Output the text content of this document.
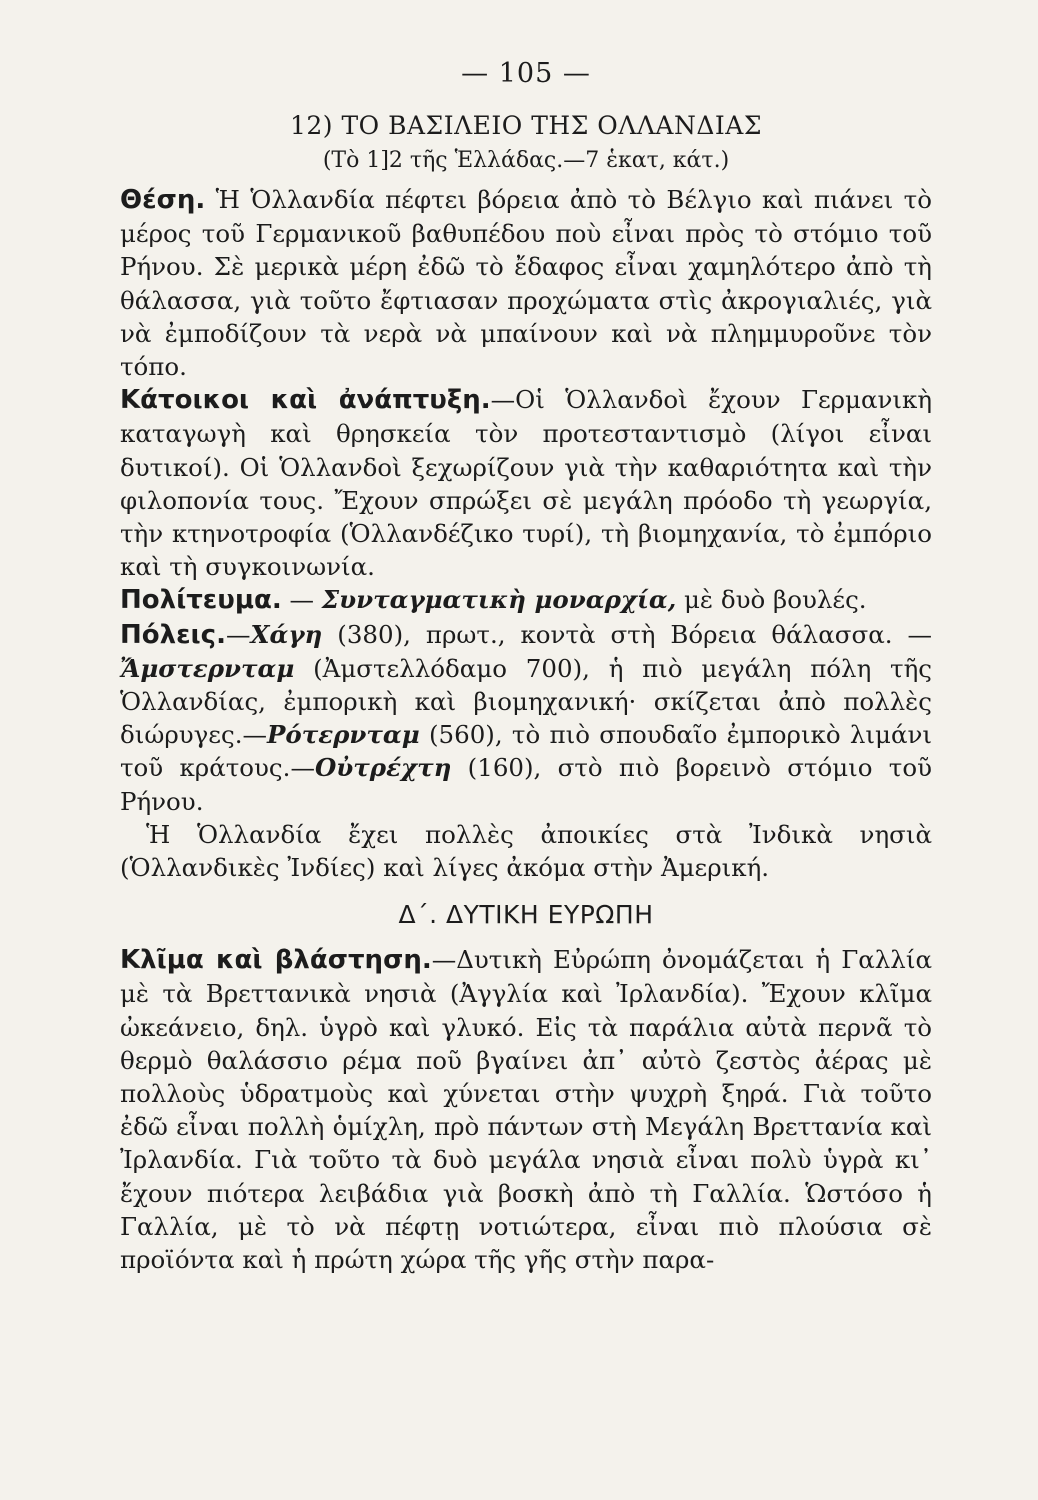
— 105 —
12) ΤΟ ΒΑΣΙΛΕΙΟ ΤΗΣ ΟΛΛΑΝΔΙΑΣ
(Τὸ 1]2 τῆς Ἑλλάδας.—7 ἑκατ, κάτ.)

Θέση. Ἡ Ὁλλανδία πέφτει βόρεια ἀπὸ τὸ Βέλγιο καὶ πιάνει τὸ μέρος τοῦ Γερμανικοῦ βαθυπέδου ποὺ εἶναι πρὸς τὸ στόμιο τοῦ Ρήνου. Σὲ μερικὰ μέρη ἐδῶ τὸ ἔδαφος εἶναι χαμηλότερο ἀπὸ τὴ θάλασσα, γιὰ τοῦτο ἔφτιασαν προχώματα στὶς ἀκρογιαλιές, γιὰ νὰ ἐμποδίζουν τὰ νερὰ νὰ μπαίνουν καὶ νὰ πλημμυροῦνε τὸν τόπο.

Κάτοικοι καὶ ἀνάπτυξη.—Οἱ Ὁλλανδοὶ ἔχουν Γερμανικὴ καταγωγὴ καὶ θρησκεία τὸν προτεσταντισμὸ (λίγοι εἶναι δυτικοί). Οἱ Ὁλλανδοὶ ξεχωρίζουν γιὰ τὴν καθαριότητα καὶ τὴν φιλοπονία τους. Ἔχουν σπρώξει σὲ μεγάλη πρόοδο τὴ γεωργία, τὴν κτηνοτροφία (Ὁλλανδέζικο τυρί), τὴ βιομηχανία, τὸ ἐμπόριο καὶ τὴ συγκοινωνία.

Πολίτευμα. — Συνταγματικὴ μοναρχία, μὲ δυὸ βουλές.

Πόλεις.—Χάγη (380), πρωτ., κοντὰ στὴ Βόρεια θάλασσα. —Ἄμστερνταμ (Ἀμστελλόδαμο 700), ἡ πιὸ μεγάλη πόλη τῆς Ὁλλανδίας, ἐμπορικὴ καὶ βιομηχανική· σκίζεται ἀπὸ πολλὲς διώρυγες.—Ρότερνταμ (560), τὸ πιὸ σπουδαῖο ἐμπορικὸ λιμάνι τοῦ κράτους.—Οὐτρέχτη (160), στὸ πιὸ βορεινὸ στόμιο τοῦ Ρήνου.

Ἡ Ὁλλανδία ἔχει πολλὲς ἀποικίες στὰ Ἰνδικὰ νησιὰ (Ὁλλανδικὲς Ἰνδίες) καὶ λίγες ἀκόμα στὴν Ἀμερική.

Δ΄. ΔΥΤΙΚΗ ΕΥΡΩΠΗ

Κλῖμα καὶ βλάστηση.—Δυτικὴ Εὐρώπη ὀνομάζεται ἡ Γαλλία μὲ τὰ Βρεττανικὰ νησιὰ (Ἀγγλία καὶ Ἰρλανδία). Ἔχουν κλῖμα ὠκεάνειο, δηλ. ὑγρὸ καὶ γλυκό. Εἰς τὰ παράλια αὐτὰ περνᾶ τὸ θερμὸ θαλάσσιο ρέμα ποῦ βγαίνει ἀπ᾽ αὐτὸ ζεστὸς ἀέρας μὲ πολλοὺς ὑδρατμοὺς καὶ χύνεται στὴν ψυχρὴ ξηρά. Γιὰ τοῦτο ἐδῶ εἶναι πολλὴ ὁμίχλη, πρὸ πάντων στὴ Μεγάλη Βρεττανία καὶ Ἰρλανδία. Γιὰ τοῦτο τὰ δυὸ μεγάλα νησιὰ εἶναι πολὺ ὑγρὰ κι᾽ ἔχουν πιότερα λειβάδια γιὰ βοσκὴ ἀπὸ τὴ Γαλλία. Ὡστόσο ἡ Γαλλία, μὲ τὸ νὰ πέφτῃ νοτιώτερα, εἶναι πιὸ πλούσια σὲ προϊόντα καὶ ἡ πρώτη χώρα τῆς γῆς στὴν παρα-
